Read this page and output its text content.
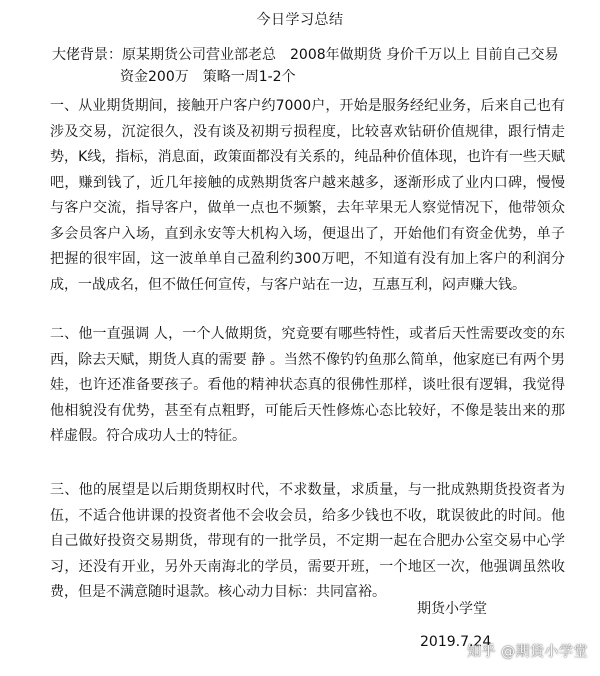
今日学习总结
大佬背景：原某期货公司营业部老总　2008年做期货 身价千万以上 目前自己交易
资金200万　策略一周1-2个
一、从业期货期间，接触开户客户约7000户，开始是服务经纪业务，后来自己也有涉及交易，沉淀很久，没有谈及初期亏损程度，比较喜欢钻研价值规律，跟行情走势，K线，指标，消息面，政策面都没有关系的，纯品种价值体现，也许有一些天赋吧，赚到钱了，近几年接触的成熟期货客户越来越多，逐渐形成了业内口碑，慢慢与客户交流，指导客户，做单一点也不频繁，去年苹果无人察觉情况下，他带领众多会员客户入场，直到永安等大机构入场，便退出了，开始他们有资金优势，单子把握的很牢固，这一波单单自己盈利约300万吧，不知道有没有加上客户的利润分成，一战成名，但不做任何宣传，与客户站在一边，互惠互利，闷声赚大钱。
二、他一直强调 人，一个人做期货，究竟要有哪些特性，或者后天性需要改变的东西，除去天赋，期货人真的需要 静 。当然不像钓钓鱼那么简单，他家庭已有两个男娃，也许还准备要孩子。看他的精神状态真的很佛性那样，谈吐很有逻辑，我觉得他相貌没有优势，甚至有点粗野，可能后天性修炼心态比较好，不像是装出来的那样虚假。符合成功人士的特征。
三、他的展望是以后期货期权时代，不求数量，求质量，与一批成熟期货投资者为伍，不适合他讲课的投资者他不会收会员，给多少钱也不收，耽误彼此的时间。他自己做好投资交易期货，带现有的一批学员，不定期一起在合肥办公室交易中心学习，还没有开业，另外天南海北的学员，需要开班，一个地区一次，他强调虽然收费，但是不满意随时退款。核心动力目标：共同富裕。
期货小学堂
2019.7.24
知乎 @期货小学堂
